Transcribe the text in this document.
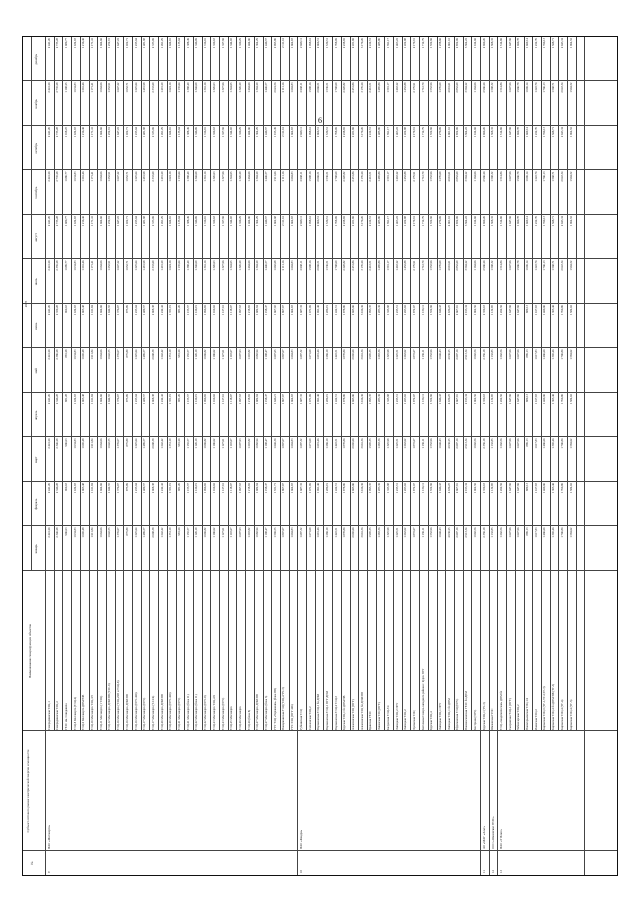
6
№
Субъект оптового рынка электрической энергии и мощности
Наименование генерирующих объектов
2025
январь
февраль
март
апрель
май
июнь
июль
август
сентябрь
октябрь
ноябрь
декабрь
Северодвинская ТЭЦ-1
2 441,20
2 441,20
2 441,20
2 441,20
2 441,20
2 441,20
2 441,20
2 441,20
2 441,20
2 441,20
2 441,20
2 441,20
Северодвинская ТЭЦ-2
2 340,28
2 340,28
2 340,28
2 340,28
2 380,28
2 359,28
2 359,28
2 735,28
2 735,28
2 735,28
2 735,28
2 735,28
ГРЭС им. Смидовича
900,03
900,03
900,03
881,28
881,28
900,03
1 089,77
1 080,77
1 080,77
1 108,25
1 108,25
1 080,77
ТЭЦ-8 Мосэнерго (ТЭЦ-2)
1 034,83
1 034,83
1 034,83
1 034,83
1 034,83
1 034,83
1 034,83
1 034,83
1 034,83
1 034,83
1 034,83
1 034,83
ТЭЦ-9 Мосэнерго ДПМ/ЮВ
1 005,48
1 005,48
1 005,48
1 005,48
1 005,48
1 005,48
1 216,46
1 216,46
1 216,46
1 216,46
1 216,46
1 216,46
ТЭЦ-10 Мосэнерго ТЭЦ-3/5
1 011,84
1 011,84
1 011,84
1 011,84
1 011,84
1 011,84
1 171,41
1 171,41
1 171,41
1 171,41
1 171,41
1 171,41
ТЭЦ-11 Мосэнерго (1 ТЭЦ)
1 064,06
1 064,06
1 064,06
1 064,06
1 064,06
1 064,06
1 064,06
1 064,06
1 064,06
1 064,06
1 064,06
1 064,06
ТЭЦ-12 Мосэнерго ДПМ/НВ (ТЭС-9)
1 042,55
1 042,55
1 042,55
1 042,55
1 042,55
1 042,55
1 252,91
1 252,91
1 252,91
1 252,91
1 252,91
1 252,91
ТЭЦ-16 Мосэнерго (ТЭЦ-22П и ТЭЦ-Б)
1 376,07
1 376,07
1 376,07
1 376,07
1 376,07
1 376,07
1 647,22
1 647,22
1 647,22
1 647,22
1 647,22
1 647,22
ТЭЦ-16 Мосэнерго ДПМ/НВ
875,89
875,89
875,89
875,89
875,89
875,89
1 052,71
1 052,71
1 052,71
1 052,71
1 052,71
1 052,71
ТЭЦ-16 Мосэнерго (ПГУ-420)
1 225,64
1 225,64
1 225,64
1 225,64
1 225,64
1 225,64
1 225,64
1 225,64
1 225,64
1 225,64
1 225,64
1 225,64
ТЭЦ-17 Мосэнерго (ПГУ)
1 489,57
1 489,57
1 489,57
1 489,57
1 489,57
1 489,57
1 481,98
1 481,98
1 481,98
1 481,98
1 481,98
1 481,98
ТЭЦ-17 Мосэнерго (Т-12/4)
2 008,38
2 008,38
2 008,38
2 008,38
2 008,38
2 008,38
2 333,69
2 333,69
2 333,69
2 333,69
2 333,69
2 333,69
ТЭЦ-20 Мосэнерго ДПМ/НВ
1 242,42
1 242,42
1 242,42
1 242,42
1 242,42
1 242,42
1 491,29
1 491,29
1 491,29
1 491,29
1 491,29
1 491,29
ТЭЦ-20 Мосэнерго (ПГУ-420)
1 351,19
1 351,19
1 351,19
1 351,19
1 351,19
1 351,19
1 624,10
1 624,10
1 624,10
1 624,10
1 624,10
1 624,10
ТЭЦ-21 Мосэнерго (ПГУ)
981,20
981,20
981,20
981,20
981,20
981,20
1 135,64
1 135,64
1 135,64
1 135,64
1 135,64
1 135,64
ТЭЦ-21 Мосэнерго (блок 11)
1 155,57
1 155,57
1 155,57
1 155,57
1 155,57
1 155,57
1 388,49
1 388,49
1 388,49
1 388,49
1 388,49
1 388,49
ТЭЦ-22 Мосэнерго (блок 11)
1 120,19
1 120,19
1 120,19
1 120,19
1 120,19
1 120,19
1 346,09
1 346,09
1 346,09
1 346,09
1 346,09
1 346,09
ТЭЦ-22 Мосэнерго (ПГУ-8)
1 096,82
1 096,82
1 096,82
1 096,82
1 096,82
1 096,82
1 316,10
1 316,10
1 316,10
1 316,10
1 316,10
1 316,10
ТЭЦ-23 Мосэнерго ТЭЦ-2/6
1 100,02
1 100,02
1 100,02
1 100,02
1 100,02
1 100,02
1 320,03
1 320,03
1 320,03
1 320,03
1 320,03
1 320,03
ТЭЦ-23 Мосэнерго (ПГУ)
1 127,01
1 127,01
1 127,01
1 127,01
1 127,01
1 127,01
1 327,96
1 327,96
1 327,96
1 327,96
1 327,96
1 327,96
ТЭЦ-25 Мосэнерго
1 118,67
1 118,67
1 118,67
1 118,67
1 118,67
1 118,67
1 344,05
1 344,05
1 344,05
1 344,05
1 344,05
1 344,05
ТЭЦ-26 Мосэнерго
1 097,93
1 097,93
1 097,93
1 097,93
1 097,93
1 097,93
1 320,29
1 320,29
1 320,29
1 320,29
1 320,29
1 320,29
ТЭЦ-26 (блок 8)
1 218,82
1 218,82
1 218,82
1 218,82
1 218,82
1 218,82
1 464,60
1 464,60
1 464,60
1 464,60
1 464,60
1 464,60
ТЭЦ-27 Мосэнерго ДПМ/НВ
1 082,94
1 082,94
1 082,94
1 082,94
1 082,94
1 082,94
1 304,29
1 304,29
1 304,29
1 304,29
1 304,29
1 304,29
ТЭЦ-27 Мосэнерго (блок 3)
1 198,47
1 198,47
1 198,47
1 198,47
1 198,47
1 198,47
1 440,57
1 440,57
1 440,57
1 440,57
1 440,57
1 440,57
ГТУ ТЭЦ «Терешково» (блок НВ)
1 596,55
1 551,71
1 646,30
1 646,21
1 607,65
1 607,65
1 602,68
1 602,68
1 911,66
1 915,49
2 024,56
2 095,80
Новорязанская ТЭЦ (ТЭЦ-2/ТУ-3)
1 807,07
1 807,07
1 807,07
1 807,07
1 807,07
1 807,07
2 111,16
2 111,16
2 111,16
2 111,16
2 111,16
2 111,16
ГТУ-ТЭЦ (ПГУ 420)
1 604,83
1 604,83
1 604,83
1 604,83
1 604,83
1 604,83
1 604,83
1 604,83
1 604,83
1 604,83
1 604,83
1 604,83
Губкинская ТЭЦ
1 687,32
1 687,32
1 687,32
1 687,32
1 687,32
1 687,32
2 068,11
2 068,11
2 068,11
2 068,11
2 068,11
2 068,11
Смоленская ТЭЦ-2
1 671,09
1 671,09
1 671,09
1 671,09
1 671,09
1 671,09
1 998,16
1 998,16
1 998,16
1 998,16
1 998,16
1 998,16
Воронежская ТЭЦ-1 бл ДПМ
1 691,46
1 691,46
1 691,46
1 691,46
1 691,46
1 691,46
2 006,51
2 006,51
2 006,51
2 006,51
2 006,51
2 006,51
Воронежская ТЭЦ-1 ПГУ ДПМ
1 286,19
1 286,19
1 286,19
1 286,19
1 286,19
1 286,19
1 530,51
1 530,51
1 530,51
1 530,51
1 530,51
1 530,51
Воронежская ТЭЦ-2 ТЭЦ-5
1 422,51
1 422,51
1 422,51
1 422,51
1 422,51
1 422,51
1 708,09
1 708,09
1 708,09
1 708,09
1 708,09
1 708,09
Курская ТЭЦ-1 бл ДПМ/НВ
1 878,80
1 878,80
1 878,80
1 878,80
1 878,80
1 878,80
2 228,82
2 228,82
2 228,82
2 228,82
2 228,82
2 228,82
Алексинская ТЭЦ (ПГУ)
2 065,60
2 065,60
2 065,60
2 065,60
2 065,60
2 065,60
2 451,86
2 451,86
2 451,86
2 451,86
2 451,86
2 451,86
Алексинская ТЭЦ бл ДПМ/НВ
3 016,36
3 016,36
3 016,36
3 016,36
3 016,36
3 016,36
3 170,20
3 170,20
3 170,20
3 170,20
3 170,20
3 170,20
Брянская ГРЭС
1 995,35
1 995,35
1 995,35
1 995,35
1 995,35
1 995,35
2 412,51
2 412,51
2 412,51
2 412,51
2 412,51
2 412,51
Ливенская ТЭЦ (ПГУ)
1 283,36
1 283,36
1 283,36
1 283,36
1 283,36
1 283,36
1 485,80
1 485,80
1 485,80
1 485,80
1 485,80
1 485,80
Калужская ТЭЦ-3/4
1 325,98
1 325,98
1 325,98
1 325,98
1 325,98
1 325,98
1 591,17
1 591,17
1 591,17
1 591,17
1 591,17
1 591,17
Липецкая ТЭЦ-2 ПГУ
1 225,51
1 225,51
1 225,51
1 225,51
1 225,51
1 225,51
1 403,22
1 403,22
1 403,22
1 403,22
1 403,22
1 403,22
Липецкая ТЭЦ-2
1 263,02
1 263,02
1 263,02
1 263,02
1 263,02
1 263,02
1 452,88
1 452,88
1 452,88
1 452,88
1 452,88
1 452,88
Орловская ТЭЦ
1 872,67
1 872,67
1 872,67
1 872,67
1 872,67
1 872,67
2 179,91
2 179,91
2 179,91
2 179,91
2 179,91
2 179,91
Котельная Северо-западного района г. Курск ПГУ
1 150,11
1 150,11
1 150,11
1 150,11
1 150,11
1 150,11
1 712,79
1 712,79
1 712,79
1 712,79
1 712,79
1 712,79
Курская ТЭЦ-4
1 552,96
1 552,96
1 552,96
1 552,96
1 552,96
1 552,96
1 552,96
1 552,96
1 552,96
1 552,96
1 552,96
1 552,96
Липецкая ТЭЦ-1 ПГУ
1 046,43
1 046,43
1 046,43
1 046,43
1 046,43
1 046,43
1 270,09
1 270,09
1 270,09
1 270,09
1 270,09
1 258,06
Липецкая ТЭЦ-1 бл ДПМ
4 036,25
4 036,25
4 036,25
4 036,25
4 036,25
4 036,25
4 001,61
4 001,61
4 001,61
4 001,61
4 001,61
4 001,61
Ефремовская ТЭЦ (ПГУ)
2 607,10
2 607,10
2 607,10
2 607,10
2 607,10
2 607,10
2 852,69
2 852,69
2 852,69
2 852,69
2 852,69
2 852,69
Новомосковская ГРЭС бл ДПМ
2 913,34
2 913,34
2 913,34
2 913,34
2 913,34
2 913,34
3 504,22
3 504,22
3 504,22
3 504,22
3 504,22
3 504,22
Кострома (ПГУ)
1 002,56
1 002,56
1 002,56
1 002,56
1 002,56
1 002,56
1 164,06
1 164,06
1 164,06
1 164,06
1 164,06
1 164,06
Курская ТЭЦ-1 (ТУ-3)
2 350,18
2 350,18
2 350,18
2 350,18
2 350,18
2 350,18
2 960,20
2 960,20
2 960,20
2 960,20
2 960,20
2 960,20
Шаховская ГРЭС
1 132,85
1 132,85
1 132,85
1 132,85
1 132,85
1 132,85
1 508,32
1 508,32
1 508,32
1 508,32
1 508,32
1 508,32
ТЭЦ «Академическая» ДПМ бл
1 262,56
1 262,56
1 262,56
1 262,56
1 262,56
1 262,56
1 514,86
1 514,86
1 514,86
1 514,86
1 514,86
1 514,86
Сызранская ТЭЦ-1 (ПГУ)
1 647,96
1 647,96
1 647,96
1 647,96
1 647,96
1 647,96
1 647,96
1 647,96
1 647,96
1 647,96
1 647,96
1 647,96
Чебоксарская ТЭЦ-2
1 647,96
1 647,96
1 647,96
1 647,96
1 647,96
1 647,96
1 960,78
1 960,78
1 960,78
1 960,78
1 960,78
1 960,78
Новогорьковская ТЭЦ-1/4
889,13
889,13
889,13
889,13
889,13
889,13
1 069,14
1 069,14
1 069,14
1 069,14
1 069,14
1 069,14
Ижевская ТЭЦ-2
1 017,83
1 017,83
1 017,83
1 017,83
1 017,83
1 017,83
1 222,70
1 222,70
1 222,70
1 222,70
1 222,70
1 222,70
Кировская ТЭЦ-5 (ТГ-1,ТГ-2,ТГ-3)
1 460,60
1 460,60
1 460,60
1 460,60
1 460,60
1 460,60
1 760,13
1 760,13
1 760,13
1 760,13
1 760,13
1 760,13
Кировская ТЭЦ-4 бл ДПМ/НВ (ТГ-3)
1 305,46
1 305,46
1 305,46
1 305,46
1 305,46
1 305,46
1 568,71
1 568,71
1 568,71
1 568,71
1 568,71
1 568,71
Кировская ТЭЦ-4 (ТГ-4)
1 700,80
1 700,80
1 700,80
1 700,80
1 700,80
1 700,80
2 043,34
2 043,34
2 043,34
2 043,34
2 043,34
2 043,34
Кировская ТЭЦ-4 (ТГ-5)
1 584,02
1 584,02
1 584,02
1 584,02
1 584,02
1 584,02
1 904,52
1 904,52
1 904,52
1 904,52
1 904,52
1 904,52
9
ПАО «Мосэнерго»
10
ПАО «Квадра»
11
АО «МАГ «Альт»
12
ООО «Шаховское ГРЭС»
13
ПАО «Т Плюс»
